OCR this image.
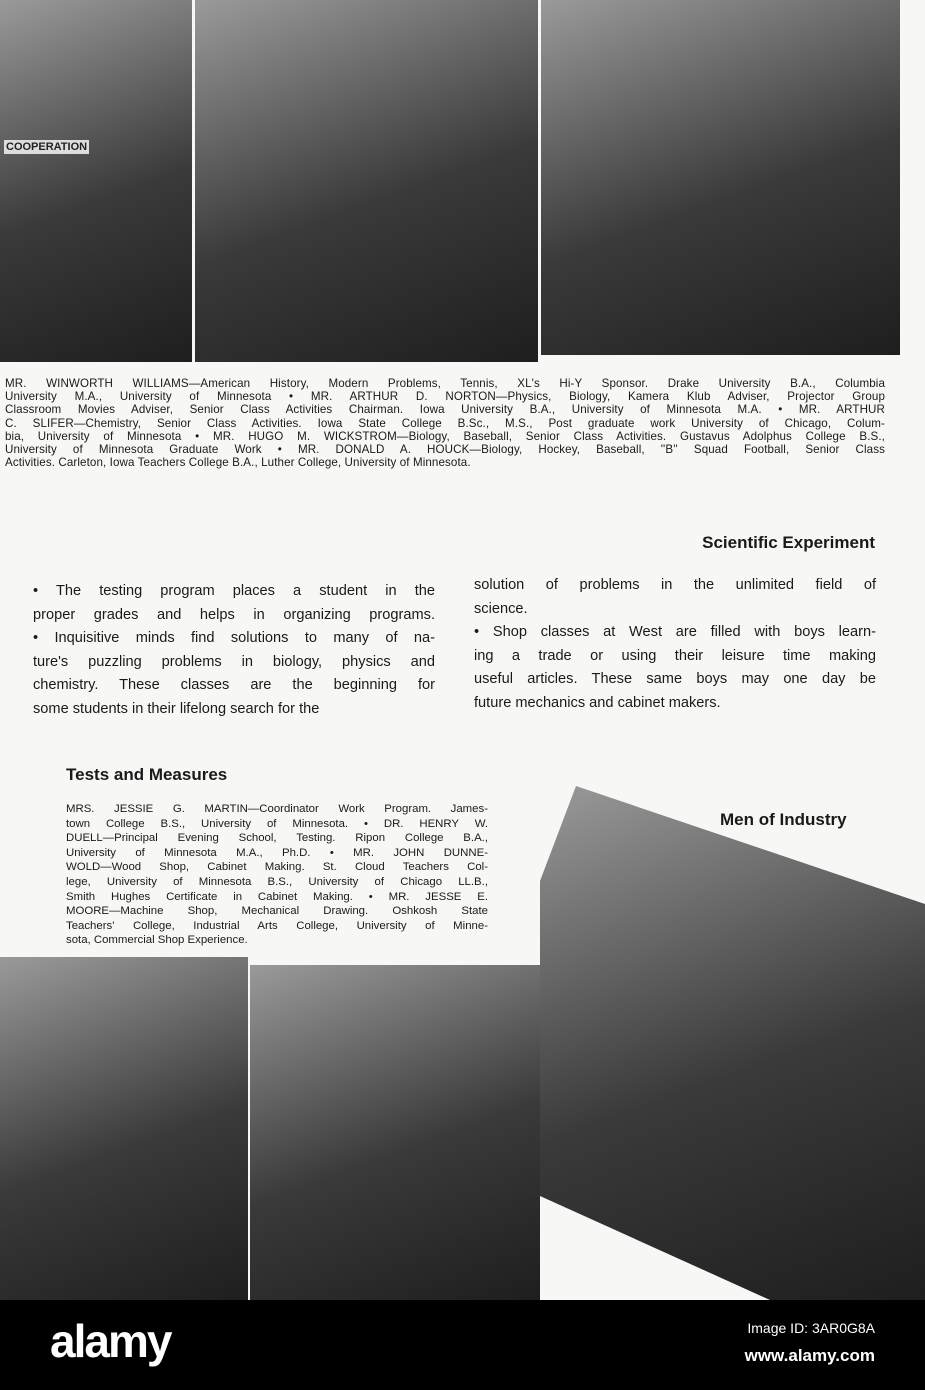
COOPERATION
MR. WINWORTH WILLIAMS—American History, Modern Problems, Tennis, XL's Hi-Y Sponsor. Drake University B.A., Columbia
University M.A., University of Minnesota • MR. ARTHUR D. NORTON—Physics, Biology, Kamera Klub Adviser, Projector Group
Classroom Movies Adviser, Senior Class Activities Chairman. Iowa University B.A., University of Minnesota M.A. • MR. ARTHUR
C. SLIFER—Chemistry, Senior Class Activities. Iowa State College B.Sc., M.S., Post graduate work University of Chicago, Colum-
bia, University of Minnesota • MR. HUGO M. WICKSTROM—Biology, Baseball, Senior Class Activities. Gustavus Adolphus College B.S.,
University of Minnesota Graduate Work • MR. DONALD A. HOUCK—Biology, Hockey, Baseball, ''B'' Squad Football, Senior Class
Activities. Carleton, Iowa Teachers College B.A., Luther College, University of Minnesota.
Scientific Experiment
• The testing program places a student in the
proper grades and helps in organizing programs.
• Inquisitive minds find solutions to many of na-
ture's puzzling problems in biology, physics and
chemistry. These classes are the beginning for
some students in their lifelong search for the
solution of problems in the unlimited field of
science.
• Shop classes at West are filled with boys learn-
ing a trade or using their leisure time making
useful articles. These same boys may one day be
future mechanics and cabinet makers.
Tests and Measures
MRS. JESSIE G. MARTIN—Coordinator Work Program. James-
town College B.S., University of Minnesota. • DR. HENRY W.
DUELL—Principal Evening School, Testing. Ripon College B.A.,
University of Minnesota M.A., Ph.D. • MR. JOHN DUNNE-
WOLD—Wood Shop, Cabinet Making. St. Cloud Teachers Col-
lege, University of Minnesota B.S., University of Chicago LL.B.,
Smith Hughes Certificate in Cabinet Making. • MR. JESSE E.
MOORE—Machine Shop, Mechanical Drawing. Oshkosh State
Teachers' College, Industrial Arts College, University of Minne-
sota, Commercial Shop Experience.
Men of Industry
alamy	Image ID: 3AR0G8A
www.alamy.com
